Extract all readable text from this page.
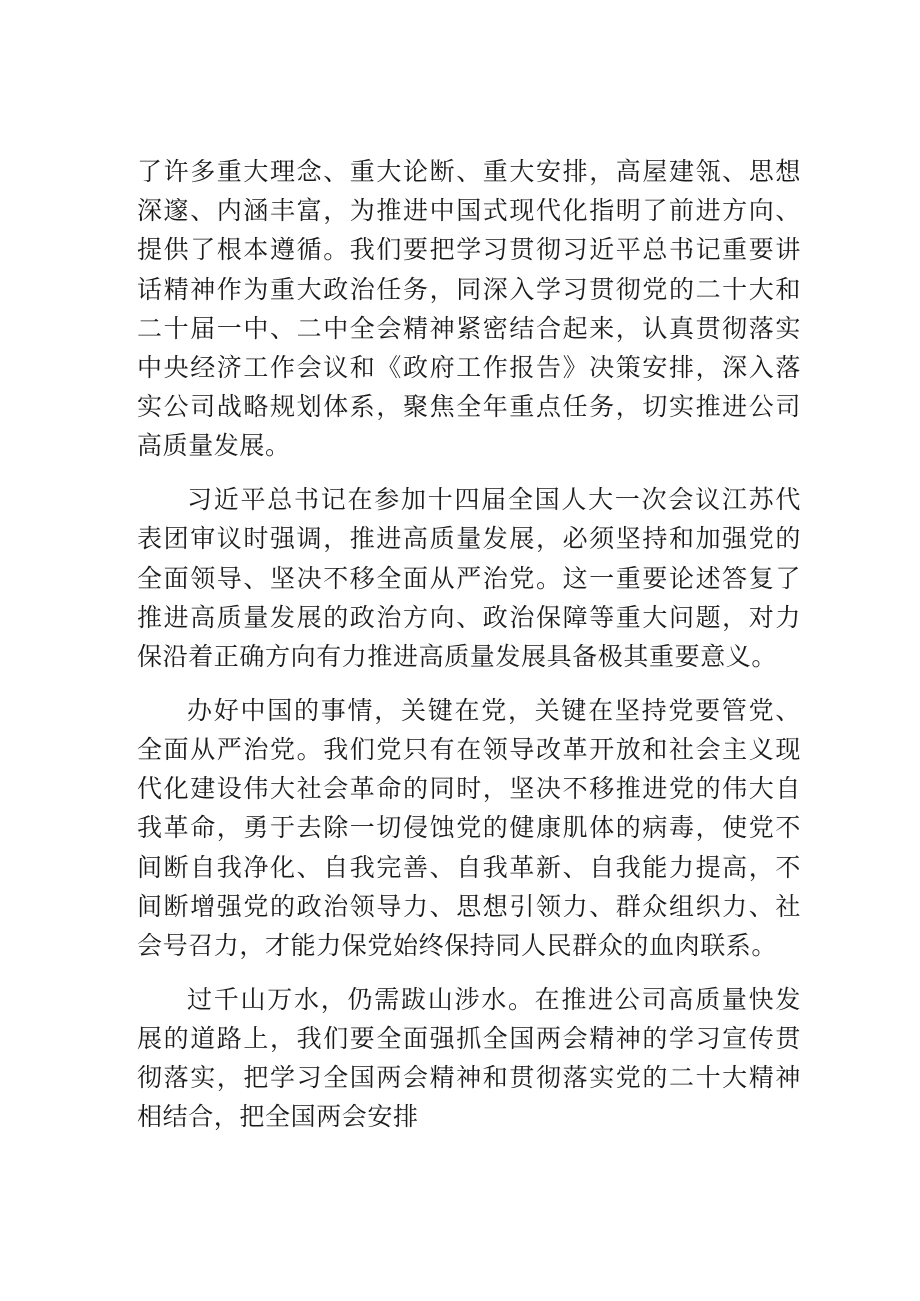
了许多重大理念、重大论断、重大安排，高屋建瓴、思想深邃、内涵丰富，为推进中国式现代化指明了前进方向、提供了根本遵循。我们要把学习贯彻习近平总书记重要讲话精神作为重大政治任务，同深入学习贯彻党的二十大和二十届一中、二中全会精神紧密结合起来，认真贯彻落实中央经济工作会议和《政府工作报告》决策安排，深入落实公司战略规划体系，聚焦全年重点任务，切实推进公司高质量发展。

习近平总书记在参加十四届全国人大一次会议江苏代表团审议时强调，推进高质量发展，必须坚持和加强党的全面领导、坚决不移全面从严治党。这一重要论述答复了推进高质量发展的政治方向、政治保障等重大问题，对力保沿着正确方向有力推进高质量发展具备极其重要意义。

办好中国的事情，关键在党，关键在坚持党要管党、全面从严治党。我们党只有在领导改革开放和社会主义现代化建设伟大社会革命的同时，坚决不移推进党的伟大自我革命，勇于去除一切侵蚀党的健康肌体的病毒，使党不间断自我净化、自我完善、自我革新、自我能力提高，不间断增强党的政治领导力、思想引领力、群众组织力、社会号召力，才能力保党始终保持同人民群众的血肉联系。

过千山万水，仍需跋山涉水。在推进公司高质量快发展的道路上，我们要全面强抓全国两会精神的学习宣传贯彻落实，把学习全国两会精神和贯彻落实党的二十大精神相结合，把全国两会安排
